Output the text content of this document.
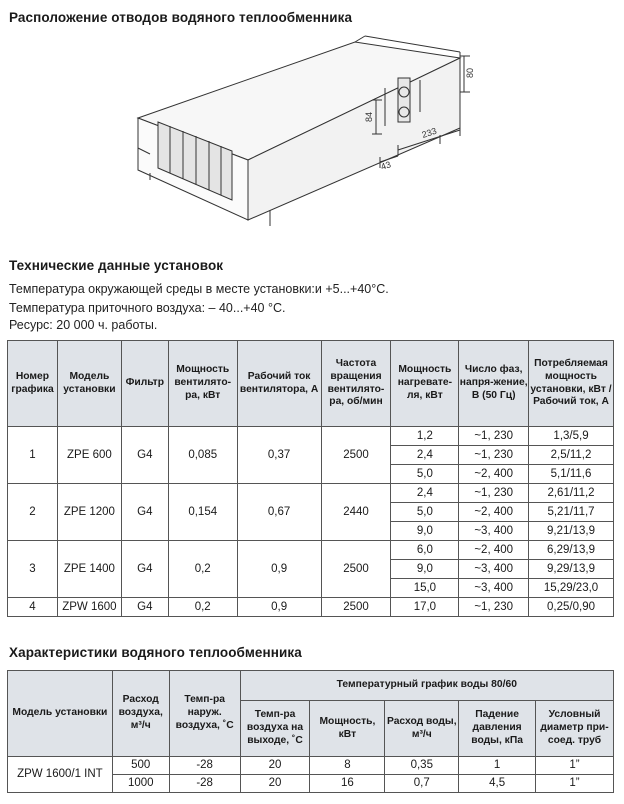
Расположение отводов водяного теплообменника
80
84
233
43
Технические данные установок
Температура окружающей среды в месте установки:и +5...+40°C.
Температура приточного воздуха: – 40...+40 °C.
Ресурс: 20 000 ч. работы.
Номер графика	Модель установки	Фильтр	Мощность вентилято-ра, кВт	Рабочий ток вентилятора, А	Частота вращения вентилято-ра, об/мин	Мощность нагревате-ля, кВт	Число фаз, напря-жение, В (50 Гц)	Потребляемая мощность установки, кВт / Рабочий ток, А
1	ZPE 600	G4	0,085	0,37	2500	1,2	~1, 230	1,3/5,9
						2,4	~1, 230	2,5/11,2
						5,0	~2, 400	5,1/11,6
2	ZPE 1200	G4	0,154	0,67	2440	2,4	~1, 230	2,61/11,2
						5,0	~2, 400	5,21/11,7
						9,0	~3, 400	9,21/13,9
3	ZPE 1400	G4	0,2	0,9	2500	6,0	~2, 400	6,29/13,9
						9,0	~3, 400	9,29/13,9
						15,0	~3, 400	15,29/23,0
4	ZPW 1600	G4	0,2	0,9	2500	17,0	~1, 230	0,25/0,90
Характеристики водяного теплообменника
Модель установки	Расход воздуха, м³/ч	Темп-ра наруж. воздуха, ˚С	Температурный график воды 80/60				
			Темп-ра воздуха на выходе, ˚С	Мощность, кВт	Расход воды, м³/ч	Падение давления воды, кПа	Условный диаметр при-соед. труб
ZPW 1600/1 INT	500	-28	20	8	0,35	1	1”
	1000	-28	20	16	0,7	4,5	1”
